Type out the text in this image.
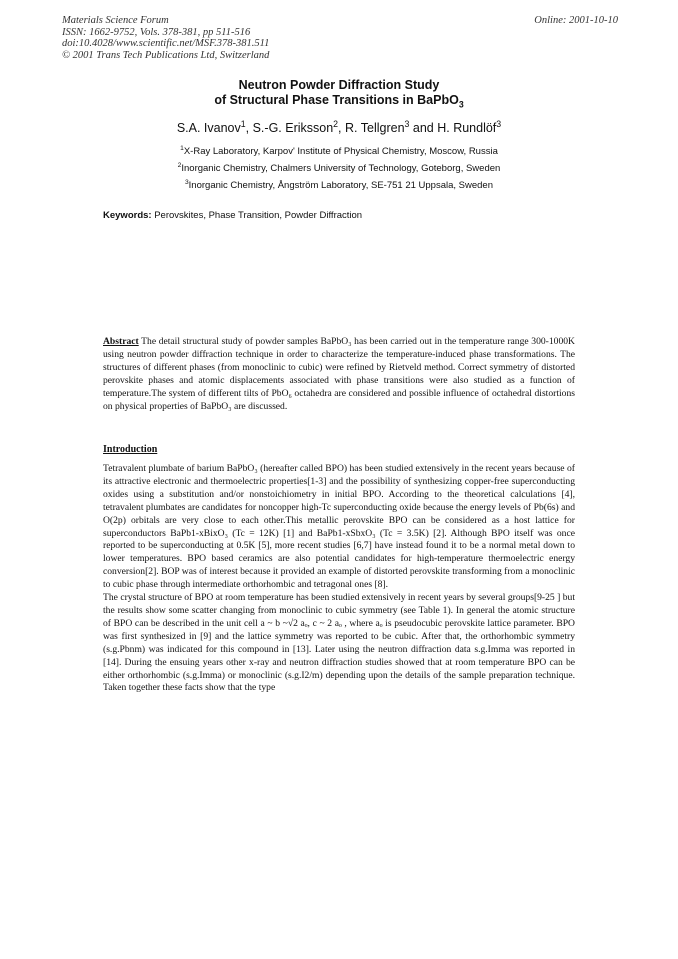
Materials Science Forum
ISSN: 1662-9752, Vols. 378-381, pp 511-516
doi:10.4028/www.scientific.net/MSF.378-381.511
© 2001 Trans Tech Publications Ltd, Switzerland
Online: 2001-10-10
Neutron Powder Diffraction Study
of Structural Phase Transitions in BaPbO$_3$
S.A. Ivanov$^1$, S.-G. Eriksson$^2$, R. Tellgren$^3$ and H. Rundlöf$^3$
$^1$X-Ray Laboratory, Karpov' Institute of Physical Chemistry, Moscow, Russia
$^2$Inorganic Chemistry, Chalmers University of Technology, Goteborg, Sweden
$^3$Inorganic Chemistry, Ångström Laboratory, SE-751 21 Uppsala, Sweden
Keywords: Perovskites, Phase Transition, Powder Diffraction
Abstract The detail structural study of powder samples BaPbO₃ has been carried out in the temperature range 300-1000K using neutron powder diffraction technique in order to characterize the temperature-induced phase transformations. The structures of different phases (from monoclinic to cubic) were refined by Rietveld method. Correct symmetry of distorted perovskite phases and atomic displacements associated with phase transitions were also studied as a function of temperature.The system of different tilts of PbO₆ octahedra are considered and possible influence of octahedral distortions on physical properties of BaPbO₃ are discussed.
Introduction

Tetravalent plumbate of barium BaPbO₃ (hereafter called BPO) has been studied extensively in the recent years because of its attractive electronic and thermoelectric properties[1-3] and the possibility of synthesizing copper-free superconducting oxides using a substitution and/or nonstoichiometry in initial BPO. According to the theoretical calculations [4], tetravalent plumbates are candidates for noncopper high-Tc superconducting oxide because the energy levels of Pb(6s) and O(2p) orbitals are very close to each other.This metallic perovskite BPO can be considered as a host lattice for superconductors BaPb1-xBixO₃ (Tc = 12K) [1] and BaPb1-xSbxO₃ (Tc = 3.5K) [2]. Although BPO itself was once reported to be superconducting at 0.5K [5], more recent studies [6,7] have instead found it to be a normal metal down to lower temperatures. BPO based ceramics are also potential candidates for high-temperature thermoelectric energy conversion[2]. BOP was of interest because it provided an example of distorted perovskite transforming from a monoclinic to cubic phase through intermediate orthorhombic and tetragonal ones [8].

The crystal structure of BPO at room temperature has been studied extensively in recent years by several groups[9-25 ] but the results show some scatter changing from monoclinic to cubic symmetry (see Table 1). In general the atomic structure of BPO can be described in the unit cell a ~ b ~√2 aₒ, c ~ 2 aₒ , where aₒ is pseudocubic perovskite lattice parameter. BPO was first synthesized in [9] and the lattice symmetry was reported to be cubic. After that, the orthorhombic symmetry (s.g.Pbnm) was indicated for this compound in [13]. Later using the neutron diffraction data s.g.Imma was reported in [14]. During the ensuing years other x-ray and neutron diffraction studies showed that at room temperature BPO can be either orthorhombic (s.g.Imma) or monoclinic (s.g.I2/m) depending upon the details of the sample preparation technique. Taken together these facts show that the type
